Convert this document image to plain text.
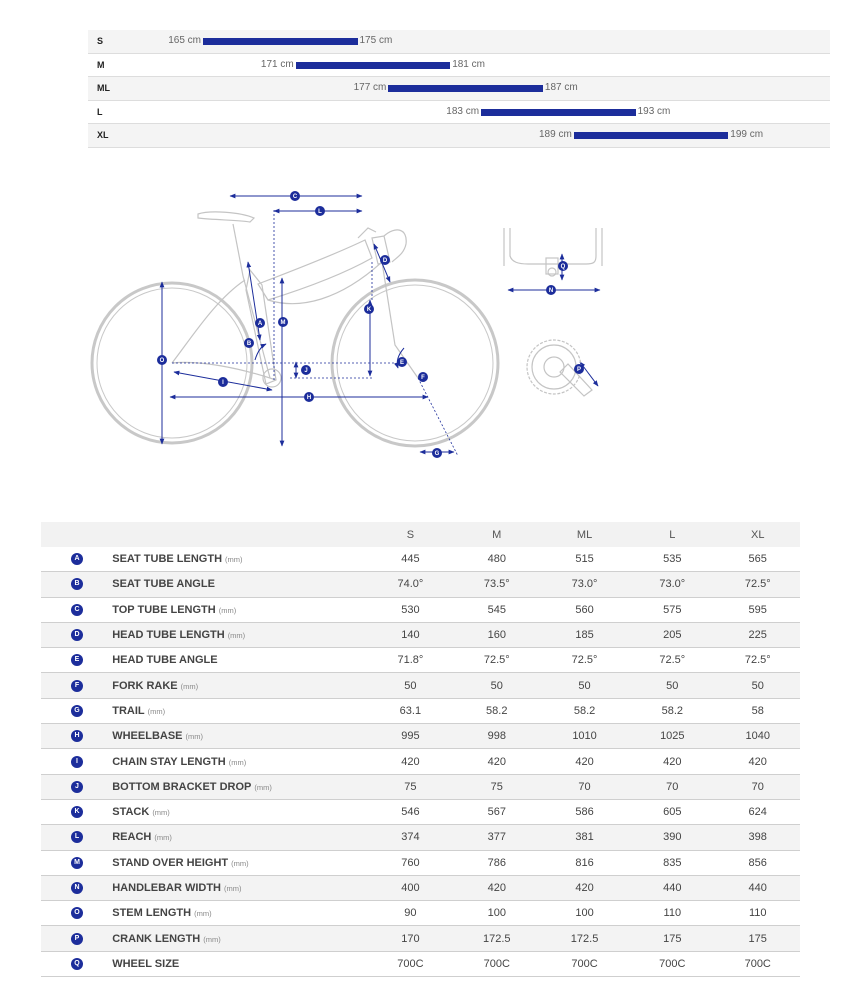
S	165 cm	175 cm
M	171 cm	181 cm
ML	177 cm	187 cm
L	183 cm	193 cm
XL	189 cm	199 cm
A
B
C
D
E
F
G
H
I
J
K
L
M
N
O
P
Q
		S	M	ML	L	XL
A	SEAT TUBE LENGTH (mm)	445	480	515	535	565
B	SEAT TUBE ANGLE	74.0°	73.5°	73.0°	73.0°	72.5°
C	TOP TUBE LENGTH (mm)	530	545	560	575	595
D	HEAD TUBE LENGTH (mm)	140	160	185	205	225
E	HEAD TUBE ANGLE	71.8°	72.5°	72.5°	72.5°	72.5°
F	FORK RAKE (mm)	50	50	50	50	50
G	TRAIL (mm)	63.1	58.2	58.2	58.2	58
H	WHEELBASE (mm)	995	998	1010	1025	1040
I	CHAIN STAY LENGTH (mm)	420	420	420	420	420
J	BOTTOM BRACKET DROP (mm)	75	75	70	70	70
K	STACK (mm)	546	567	586	605	624
L	REACH (mm)	374	377	381	390	398
M	STAND OVER HEIGHT (mm)	760	786	816	835	856
N	HANDLEBAR WIDTH (mm)	400	420	420	440	440
O	STEM LENGTH (mm)	90	100	100	110	110
P	CRANK LENGTH (mm)	170	172.5	172.5	175	175
Q	WHEEL SIZE	700C	700C	700C	700C	700C
